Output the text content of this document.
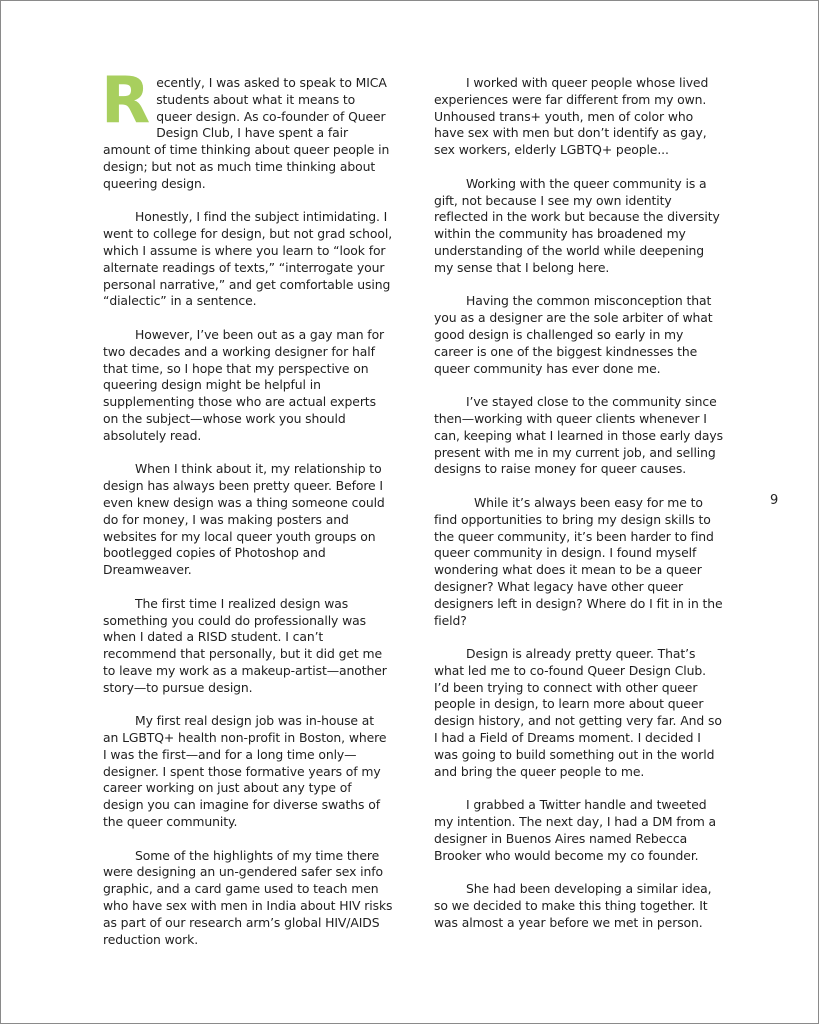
Recently, I was asked to speak to MICA students about what it means to queer design. As co-founder of Queer Design Club, I have spent a fair amount of time thinking about queer people in design; but not as much time thinking about queering design.

Honestly, I find the subject intimidating. I went to college for design, but not grad school, which I assume is where you learn to “look for alternate readings of texts,” “interrogate your personal narrative,” and get comfortable using “dialectic” in a sentence.

However, I’ve been out as a gay man for two decades and a working designer for half that time, so I hope that my perspective on queering design might be helpful in supplementing those who are actual experts on the subject—whose work you should absolutely read.

When I think about it, my relationship to design has always been pretty queer. Before I even knew design was a thing someone could do for money, I was making posters and websites for my local queer youth groups on bootlegged copies of Photoshop and Dreamweaver.

The first time I realized design was something you could do professionally was when I dated a RISD student. I can’t recommend that personally, but it did get me to leave my work as a makeup-artist—another story—to pursue design.

My first real design job was in-house at an LGBTQ+ health non-profit in Boston, where I was the first—and for a long time only—designer. I spent those formative years of my career working on just about any type of design you can imagine for diverse swaths of the queer community.

Some of the highlights of my time there were designing an un-gendered safer sex info graphic, and a card game used to teach men who have sex with men in India about HIV risks as part of our research arm’s global HIV/AIDS reduction work.

I worked with queer people whose lived experiences were far different from my own. Unhoused trans+ youth, men of color who have sex with men but don’t identify as gay, sex workers, elderly LGBTQ+ people...

Working with the queer community is a gift, not because I see my own identity reflected in the work but because the diversity within the community has broadened my understanding of the world while deepening my sense that I belong here.

Having the common misconception that you as a designer are the sole arbiter of what good design is challenged so early in my career is one of the biggest kindnesses the queer community has ever done me.

I’ve stayed close to the community since then—working with queer clients whenever I can, keeping what I learned in those early days present with me in my current job, and selling designs to raise money for queer causes.

While it’s always been easy for me to find opportunities to bring my design skills to the queer community, it’s been harder to find queer community in design. I found myself wondering what does it mean to be a queer designer? What legacy have other queer designers left in design? Where do I fit in in the field?

Design is already pretty queer. That’s what led me to co-found Queer Design Club. I’d been trying to connect with other queer people in design, to learn more about queer design history, and not getting very far. And so I had a Field of Dreams moment. I decided I was going to build something out in the world and bring the queer people to me.

I grabbed a Twitter handle and tweeted my intention. The next day, I had a DM from a designer in Buenos Aires named Rebecca Brooker who would become my co founder.

She had been developing a similar idea, so we decided to make this thing together. It was almost a year before we met in person.

9
